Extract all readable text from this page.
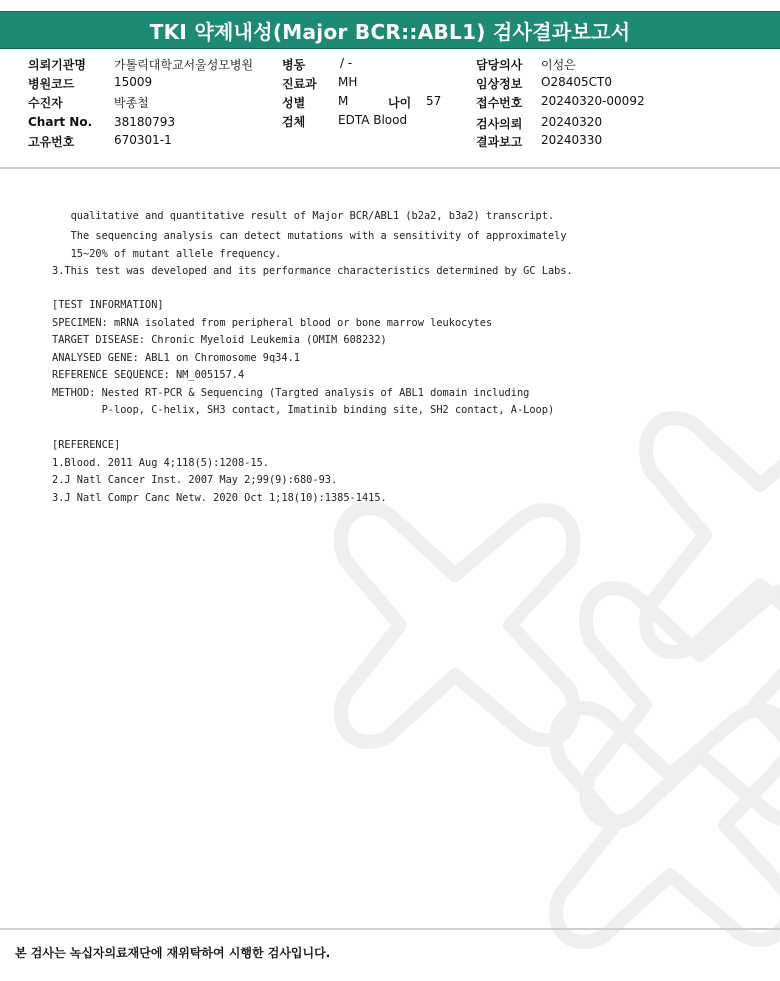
TKI 약제내성(Major BCR::ABL1) 검사결과보고서
의뢰기관명 가톨릭대학교서울성모병원
병원코드	15009
수진자	박종철
Chart No. 38180793
고유번호	670301-1
병동	/ -
진료과 MH
성별	M	나이 57
검체	EDTA Blood
담당의사 이성은
임상정보 O28405CT0
접수번호 20240320-00092
검사의뢰 20240320
결과보고 20240330
qualitative and quantitative result of Major BCR/ABL1 (b2a2, b3a2) transcript.
The sequencing analysis can detect mutations with a sensitivity of approximately
15~20% of mutant allele frequency.
3.This test was developed and its performance characteristics determined by GC Labs.
[TEST INFORMATION]
SPECIMEN: mRNA isolated from peripheral blood or bone marrow leukocytes
TARGET DISEASE: Chronic Myeloid Leukemia (OMIM 608232)
ANALYSED GENE: ABL1 on Chromosome 9q34.1
REFERENCE SEQUENCE: NM_005157.4
METHOD: Nested RT-PCR & Sequencing (Targted analysis of ABL1 domain including
P-loop, C-helix, SH3 contact, Imatinib binding site, SH2 contact, A-Loop)
[REFERENCE]
1.Blood. 2011 Aug 4;118(5):1208-15.
2.J Natl Cancer Inst. 2007 May 2;99(9):680-93.
3.J Natl Compr Canc Netw. 2020 Oct 1;18(10):1385-1415.
본 검사는 녹십자의료재단에 재위탁하여 시행한 검사입니다.
